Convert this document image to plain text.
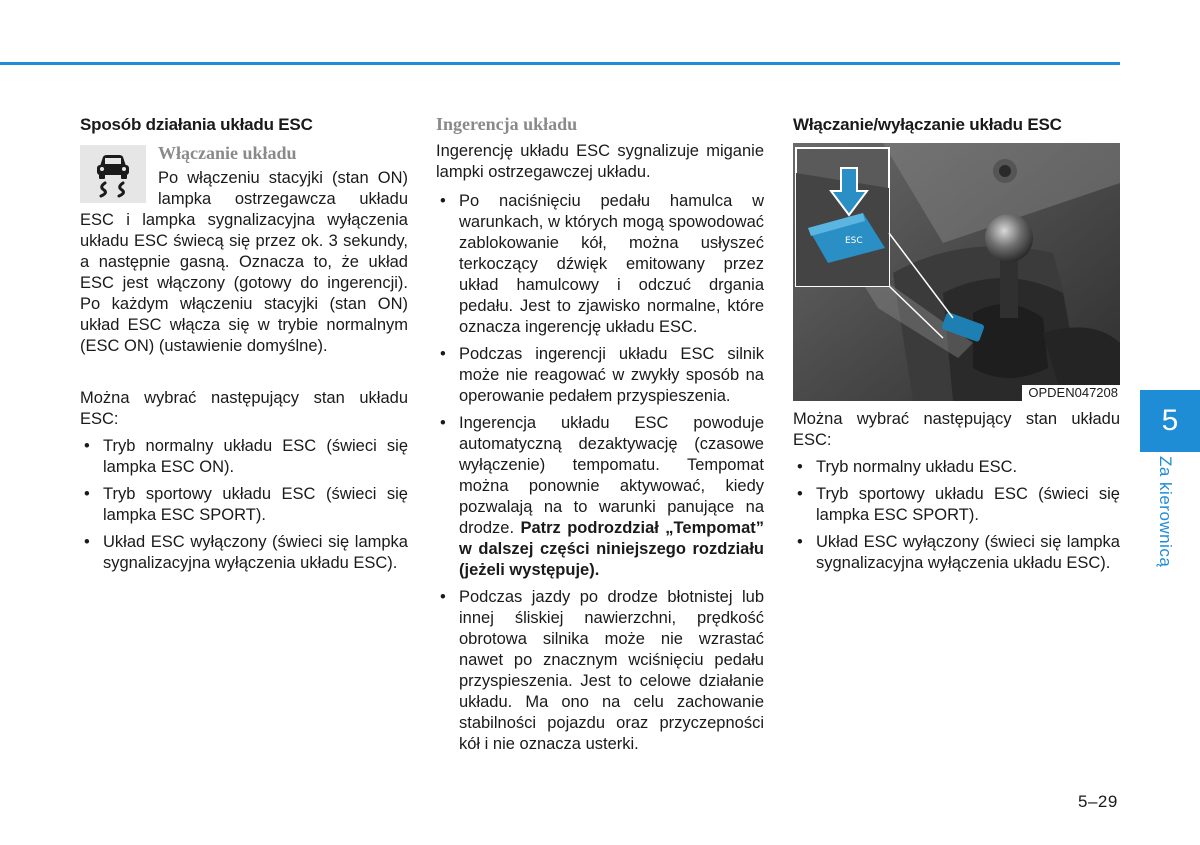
Sposób działania układu ESC
Włączanie układu

Po włączeniu stacyjki (stan ON) lampka ostrzegawcza układu ESC i lampka sygnalizacyjna wyłączenia układu ESC świecą się przez ok. 3 sekundy, a następnie gasną. Oznacza to, że układ ESC jest włączony (gotowy do ingerencji). Po każdym włączeniu stacyjki (stan ON) układ ESC włącza się w trybie normalnym (ESC ON) (ustawienie domyślne).

Można wybrać następujący stan układu ESC:

• Tryb normalny układu ESC (świeci się lampka ESC ON).
• Tryb sportowy układu ESC (świeci się lampka ESC SPORT).
• Układ ESC wyłączony (świeci się lampka sygnalizacyjna wyłączenia układu ESC).
Ingerencja układu

Ingerencję układu ESC sygnalizuje miganie lampki ostrzegawczej układu.

• Po naciśnięciu pedału hamulca w warunkach, w których mogą spowodować zablokowanie kół, można usłyszeć terkoczący dźwięk emitowany przez układ hamulcowy i odczuć drgania pedału. Jest to zjawisko normalne, które oznacza ingerencję układu ESC.
• Podczas ingerencji układu ESC silnik może nie reagować w zwykły sposób na operowanie pedałem przyspieszenia.
• Ingerencja układu ESC powoduje automatyczną dezaktywację (czasowe wyłączenie) tempomatu. Tempomat można ponownie aktywować, kiedy pozwalają na to warunki panujące na drodze. Patrz podrozdział „Tempomat” w dalszej części niniejszego rozdziału (jeżeli występuje).
• Podczas jazdy po drodze błotnistej lub innej śliskiej nawierzchni, prędkość obrotowa silnika może nie wzrastać nawet po znacznym wciśnięciu pedału przyspieszenia. Jest to celowe działanie układu. Ma ono na celu zachowanie stabilności pojazdu oraz przyczepności kół i nie oznacza usterki.
Włączanie/wyłączanie układu ESC
ESC
OPDEN047208

Można wybrać następujący stan układu ESC:

• Tryb normalny układu ESC.
• Tryb sportowy układu ESC (świeci się lampka ESC SPORT).
• Układ ESC wyłączony (świeci się lampka sygnalizacyjna wyłączenia układu ESC).
5
Za kierownicą
5–29
